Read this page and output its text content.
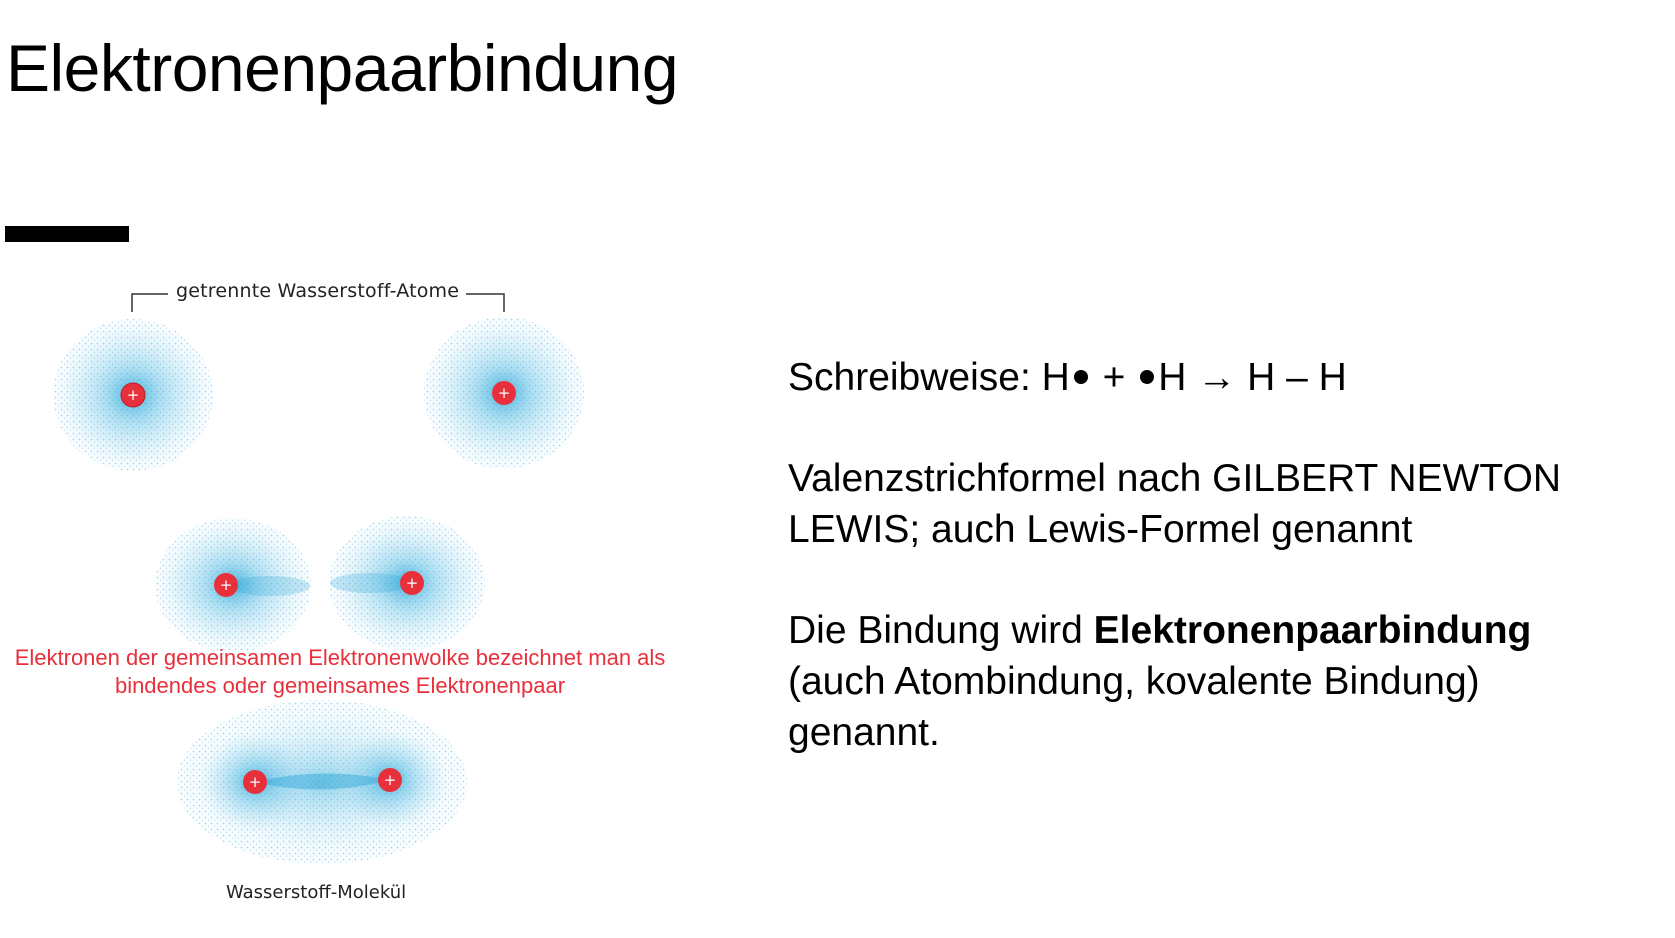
Elektronenpaarbindung
+	+
+	+
+	+
getrennte Wasserstoff-Atome
Elektronen der gemeinsamen Elektronenwolke bezeichnet man als
bindendes oder gemeinsames Elektronenpaar
Wasserstoff-Molekül

Schreibweise: H + H → H – H

Valenzstrichformel nach GILBERT NEWTON
LEWIS; auch Lewis-Formel genannt

Die Bindung wird Elektronenpaarbindung
(auch Atombindung, kovalente Bindung)
genannt.
